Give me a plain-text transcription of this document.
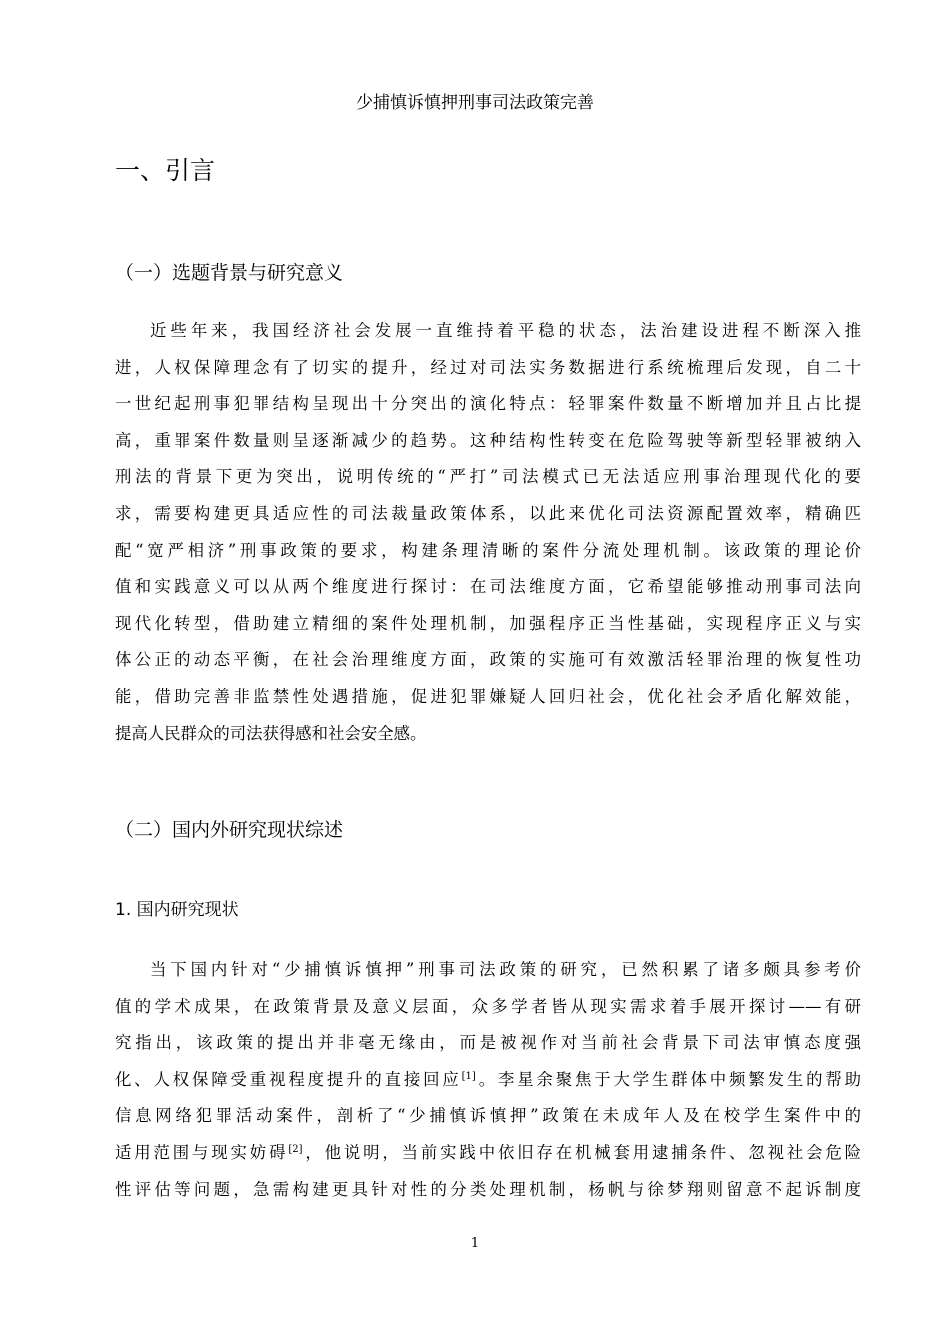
少捕慎诉慎押刑事司法政策完善
一、引言
（一）选题背景与研究意义
近些年来，我国经济社会发展一直维持着平稳的状态，法治建设进程不断深入推
进，人权保障理念有了切实的提升，经过对司法实务数据进行系统梳理后发现，自二十
一世纪起刑事犯罪结构呈现出十分突出的演化特点：轻罪案件数量不断增加并且占比提
高，重罪案件数量则呈逐渐减少的趋势。这种结构性转变在危险驾驶等新型轻罪被纳入
刑法的背景下更为突出，说明传统的“严打”司法模式已无法适应刑事治理现代化的要
求，需要构建更具适应性的司法裁量政策体系，以此来优化司法资源配置效率，精确匹
配“宽严相济”刑事政策的要求，构建条理清晰的案件分流处理机制。该政策的理论价
值和实践意义可以从两个维度进行探讨：在司法维度方面，它希望能够推动刑事司法向
现代化转型，借助建立精细的案件处理机制，加强程序正当性基础，实现程序正义与实
体公正的动态平衡，在社会治理维度方面，政策的实施可有效激活轻罪治理的恢复性功
能，借助完善非监禁性处遇措施，促进犯罪嫌疑人回归社会，优化社会矛盾化解效能，
提高人民群众的司法获得感和社会安全感。
（二）国内外研究现状综述
1. 国内研究现状
当下国内针对“少捕慎诉慎押”刑事司法政策的研究，已然积累了诸多颇具参考价
值的学术成果，在政策背景及意义层面，众多学者皆从现实需求着手展开探讨——有研
究指出，该政策的提出并非毫无缘由，而是被视作对当前社会背景下司法审慎态度强
化、人权保障受重视程度提升的直接回应[1]。李星余聚焦于大学生群体中频繁发生的帮助
信息网络犯罪活动案件，剖析了“少捕慎诉慎押”政策在未成年人及在校学生案件中的
适用范围与现实妨碍[2]，他说明，当前实践中依旧存在机械套用逮捕条件、忽视社会危险
性评估等问题，急需构建更具针对性的分类处理机制，杨帆与徐梦翔则留意不起诉制度
1
